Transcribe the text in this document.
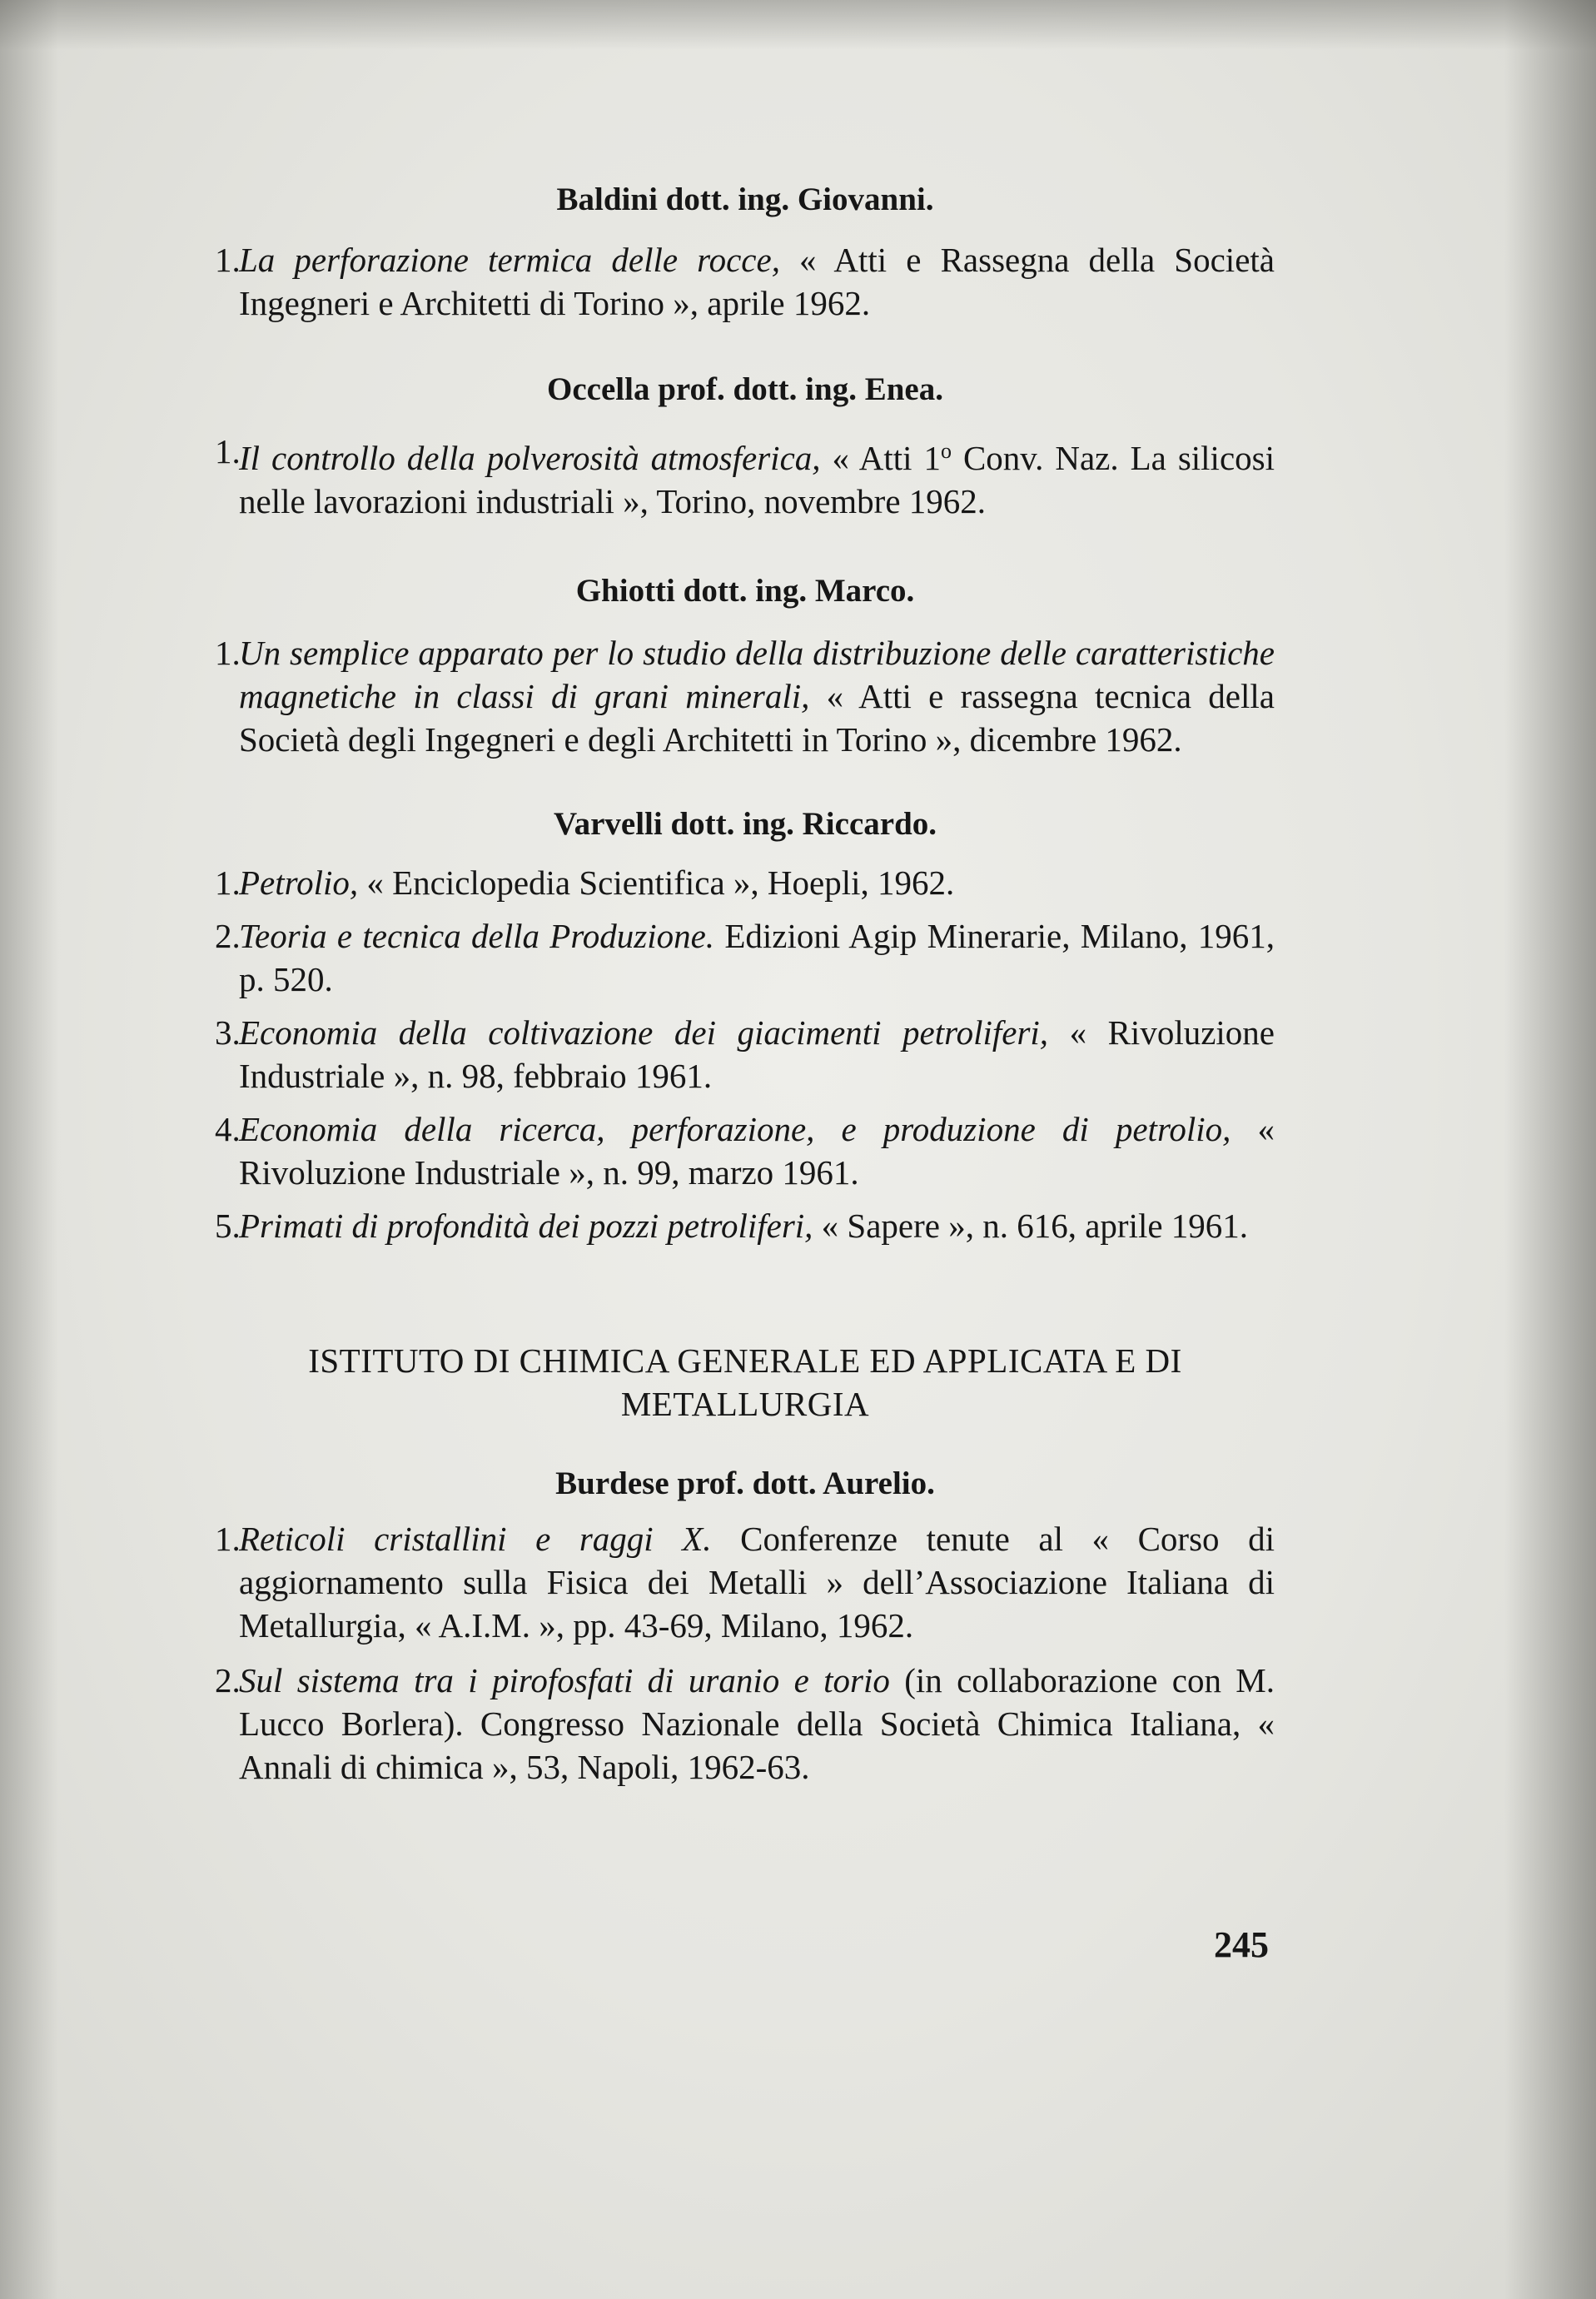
Baldini dott. ing. Giovanni.

1.
La perforazione termica delle rocce, « Atti e Rassegna della Società Ingegneri e Architetti di Torino », aprile 1962.

Occella prof. dott. ing. Enea.

1.
Il controllo della polverosità atmosferica, « Atti 1$^o$ Conv. Naz. La silicosi nelle lavorazioni industriali », Torino, novembre 1962.

Ghiotti dott. ing. Marco.

1.
Un semplice apparato per lo studio della distribuzione delle caratteristiche magnetiche in classi di grani minerali, « Atti e rassegna tecnica della Società degli Ingegneri e degli Architetti in Torino », dicembre 1962.

Varvelli dott. ing. Riccardo.

1.
Petrolio, « Enciclopedia Scientifica », Hoepli, 1962.

2.
Teoria e tecnica della Produzione. Edizioni Agip Minerarie, Milano, 1961, p. 520.

3.
Economia della coltivazione dei giacimenti petroliferi, « Rivoluzione Industriale », n. 98, febbraio 1961.

4.
Economia della ricerca, perforazione, e produzione di petrolio, « Rivoluzione Industriale », n. 99, marzo 1961.

5.
Primati di profondità dei pozzi petroliferi, « Sapere », n. 616, aprile 1961.

ISTITUTO DI CHIMICA GENERALE ED APPLICATA E DI METALLURGIA

Burdese prof. dott. Aurelio.

1.
Reticoli cristallini e raggi X. Conferenze tenute al « Corso di aggiornamento sulla Fisica dei Metalli » dell’Associazione Italiana di Metallurgia, « A.I.M. », pp. 43-69, Milano, 1962.

2.
Sul sistema tra i pirofosfati di uranio e torio (in collaborazione con M. Lucco Borlera). Congresso Nazionale della Società Chimica Italiana, « Annali di chimica », 53, Napoli, 1962-63.

245
